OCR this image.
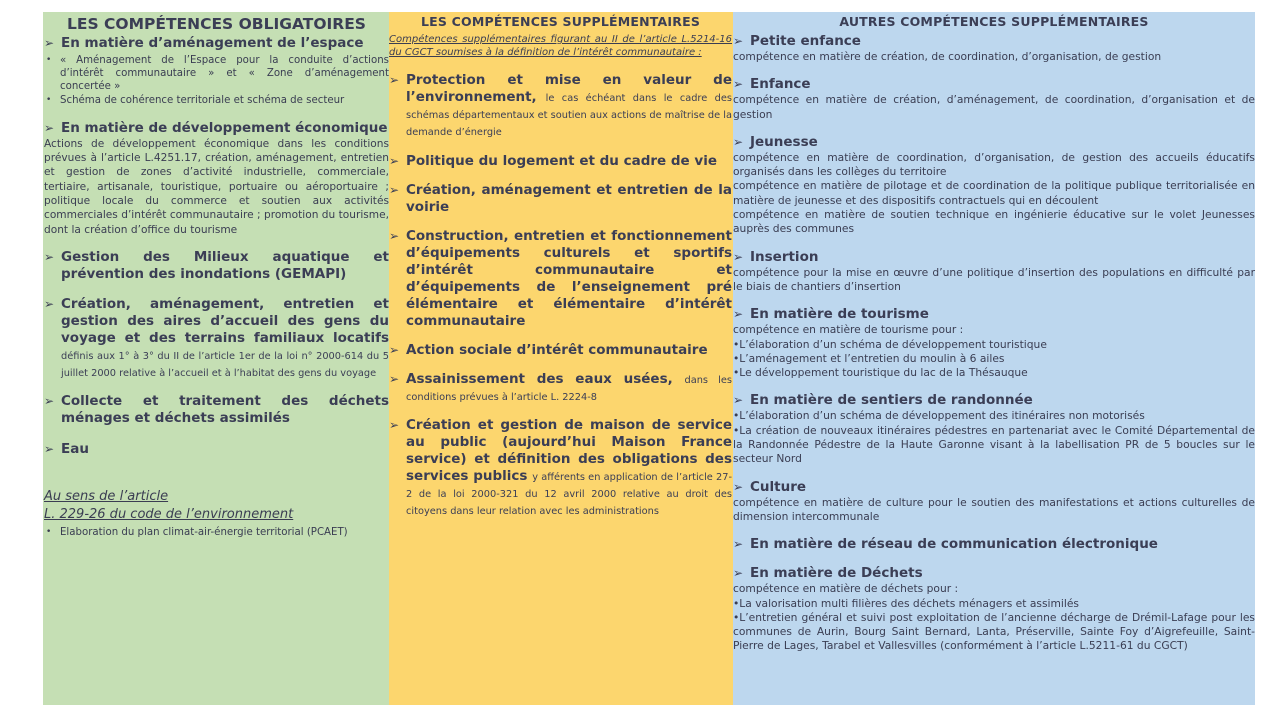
LES COMPÉTENCES OBLIGATOIRES
➢ En matière d’aménagement de l’espace
• « Aménagement de l’Espace pour la conduite d’actions d’intérêt communautaire » et « Zone d’aménagement concertée »
• Schéma de cohérence territoriale et schéma de secteur
➢ En matière de développement économique
Actions de développement économique dans les conditions prévues à l’article L.4251.17, création, aménagement, entretien et gestion de zones d’activité industrielle, commerciale, tertiaire, artisanale, touristique, portuaire ou aéroportuaire ; politique locale du commerce et soutien aux activités commerciales d’intérêt communautaire ; promotion du tourisme, dont la création d’office du tourisme
➢ Gestion des Milieux aquatique et prévention des inondations (GEMAPI)
➢ Création, aménagement, entretien et gestion des aires d’accueil des gens du voyage et des terrains familiaux locatifs définis aux 1° à 3° du II de l’article 1er de la loi n° 2000-614 du 5 juillet 2000 relative à l’accueil et à l’habitat des gens du voyage
➢ Collecte et traitement des déchets ménages et déchets assimilés
➢ Eau
Au sens de l’article
L. 229-26 du code de l’environnement
• Elaboration du plan climat-air-énergie territorial (PCAET)
LES COMPÉTENCES SUPPLÉMENTAIRES
Compétences supplémentaires figurant au II de l’article L.5214-16 du CGCT soumises à la définition de l’intérêt communautaire :
➢ Protection et mise en valeur de l’environnement, le cas échéant dans le cadre des schémas départementaux et soutien aux actions de maîtrise de la demande d’énergie
➢ Politique du logement et du cadre de vie
➢ Création, aménagement et entretien de la voirie
➢ Construction, entretien et fonctionnement d’équipements culturels et sportifs d’intérêt communautaire et d’équipements de l’enseignement pré élémentaire et élémentaire d’intérêt communautaire
➢ Action sociale d’intérêt communautaire
➢ Assainissement des eaux usées, dans les conditions prévues à l’article L. 2224-8
➢ Création et gestion de maison de service au public (aujourd’hui Maison France service) et définition des obligations des services publics y afférents en application de l’article 27-2 de la loi 2000-321 du 12 avril 2000 relative au droit des citoyens dans leur relation avec les administrations
AUTRES COMPÉTENCES SUPPLÉMENTAIRES
➢ Petite enfance
compétence en matière de création, de coordination, d’organisation, de gestion
➢ Enfance
compétence en matière de création, d’aménagement, de coordination, d’organisation et de gestion
➢ Jeunesse
compétence en matière de coordination, d’organisation, de gestion des accueils éducatifs organisés dans les collèges du territoire
compétence en matière de pilotage et de coordination de la politique publique territorialisée en matière de jeunesse et des dispositifs contractuels qui en découlent
compétence en matière de soutien technique en ingénierie éducative sur le volet Jeunesses auprès des communes
➢ Insertion
compétence pour la mise en œuvre d’une politique d’insertion des populations en difficulté par le biais de chantiers d’insertion
➢ En matière de tourisme
compétence en matière de tourisme pour :
•L’élaboration d’un schéma de développement touristique
•L’aménagement et l’entretien du moulin à 6 ailes
•Le développement touristique du lac de la Thésauque
➢ En matière de sentiers de randonnée
•L’élaboration d’un schéma de développement des itinéraires non motorisés
•La création de nouveaux itinéraires pédestres en partenariat avec le Comité Départemental de la Randonnée Pédestre de la Haute Garonne visant à la labellisation PR de 5 boucles sur le secteur Nord
➢ Culture
compétence en matière de culture pour le soutien des manifestations et actions culturelles de dimension intercommunale
➢ En matière de réseau de communication électronique
➢ En matière de Déchets
compétence en matière de déchets pour :
•La valorisation multi filières des déchets ménagers et assimilés
•L’entretien général et suivi post exploitation de l’ancienne décharge de Drémil-Lafage pour les communes de Aurin, Bourg Saint Bernard, Lanta, Préserville, Sainte Foy d’Aigrefeuille, Saint-Pierre de Lages, Tarabel et Vallesvilles (conformément à l’article L.5211-61 du CGCT)
